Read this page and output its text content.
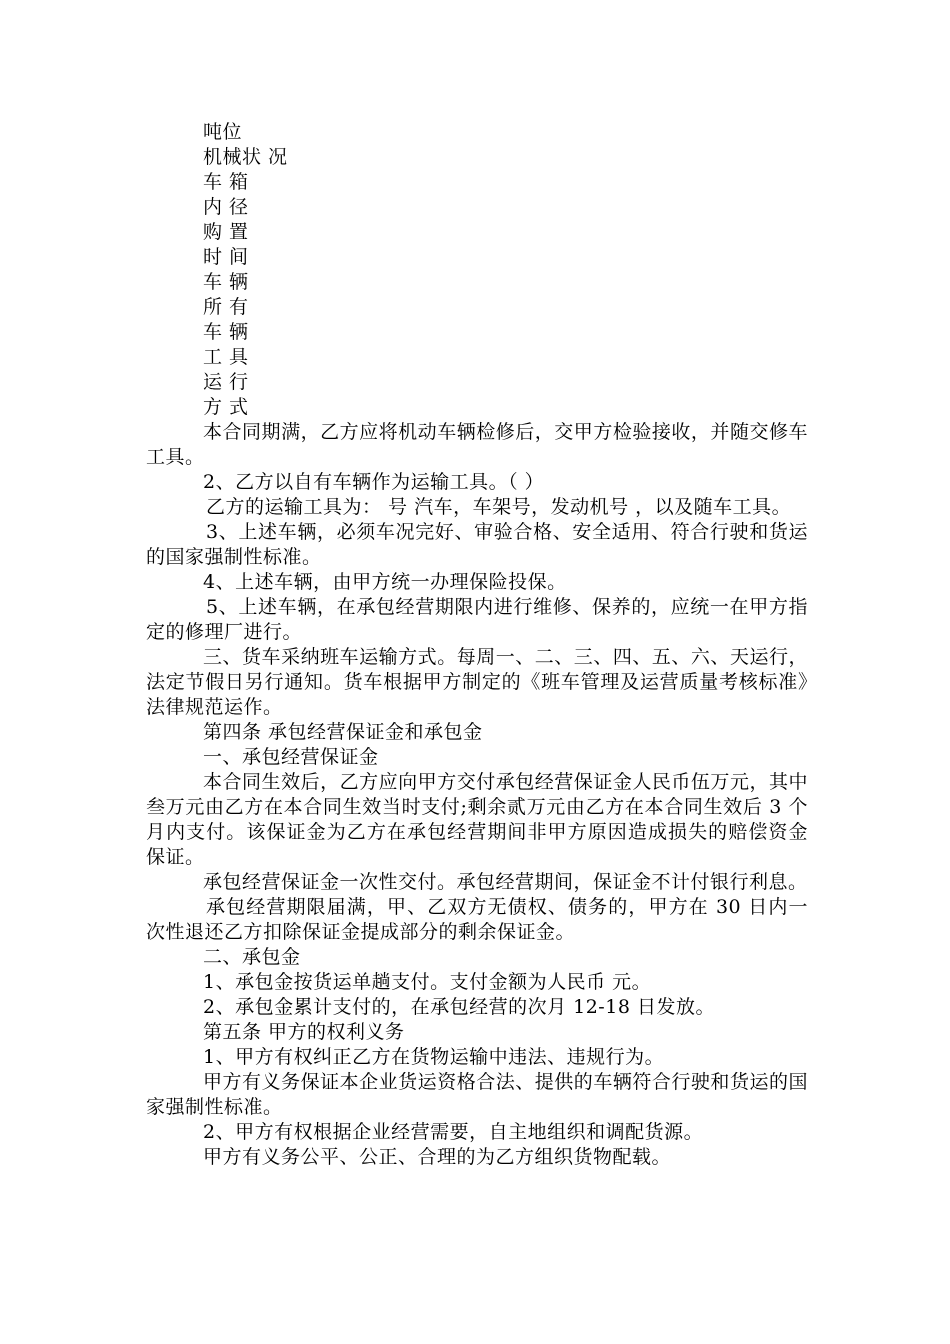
吨位
机械状 况
车 箱
内 径
购 置
时 间
车 辆
所 有
车 辆
工 具
运 行
方 式

本合同期满，乙方应将机动车辆检修后，交甲方检验接收，并随交修车工具。

2、乙方以自有车辆作为运输工具。（ ）

乙方的运输工具为： 号 汽车，车架号，发动机号 ，以及随车工具。

3、上述车辆，必须车况完好、审验合格、安全适用、符合行驶和货运的国家强制性标准。

4、上述车辆，由甲方统一办理保险投保。

5、上述车辆，在承包经营期限内进行维修、保养的，应统一在甲方指定的修理厂进行。

三、货车采纳班车运输方式。每周一、二、三、四、五、六、天运行，法定节假日另行通知。货车根据甲方制定的《班车管理及运营质量考核标准》法律规范运作。

第四条 承包经营保证金和承包金

一、承包经营保证金

本合同生效后，乙方应向甲方交付承包经营保证金人民币伍万元，其中叁万元由乙方在本合同生效当时支付;剩余贰万元由乙方在本合同生效后 3 个月内支付。该保证金为乙方在承包经营期间非甲方原因造成损失的赔偿资金保证。

承包经营保证金一次性交付。承包经营期间，保证金不计付银行利息。

承包经营期限届满，甲、乙双方无债权、债务的，甲方在 30 日内一次性退还乙方扣除保证金提成部分的剩余保证金。

二、承包金

1、承包金按货运单趟支付。支付金额为人民币 元。

2、承包金累计支付的，在承包经营的次月 12-18 日发放。

第五条 甲方的权利义务

1、甲方有权纠正乙方在货物运输中违法、违规行为。

甲方有义务保证本企业货运资格合法、提供的车辆符合行驶和货运的国家强制性标准。

2、甲方有权根据企业经营需要，自主地组织和调配货源。

甲方有义务公平、公正、合理的为乙方组织货物配载。
